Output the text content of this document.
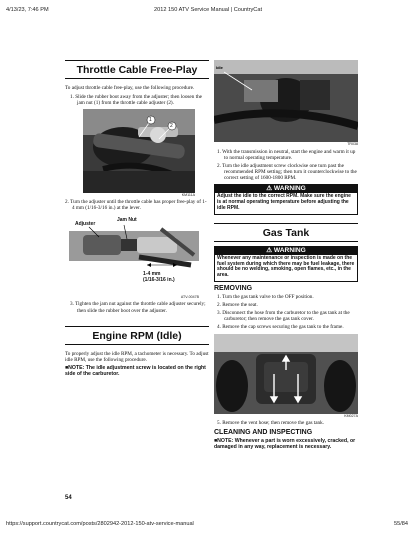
4/13/23, 7:46 PM	2012 150 ATV Service Manual | CountryCat
https://support.countrycat.com/posts/2802942-2012-150-atv-service-manual	55/84
Throttle Cable Free-Play

To adjust throttle cable free-play, use the following procedure.

1. Slide the rubber boot away from the adjuster; then loosen the jam nut (1) from the throttle cable adjuster (2).

1
2

KM111A

2. Turn the adjuster until the throttle cable has proper free-play of 1-4 mm (1/16-3/16 in.) at the lever.

Adjuster
Jam Nut
1-4 mm
(1/16-3/16 in.)

ATV-0047B

3. Tighten the jam nut against the throttle cable adjuster securely; then slide the rubber boot over the adjuster.

Engine RPM (Idle)

To properly adjust the idle RPM, a tachometer is necessary. To adjust idle RPM, use the following procedure.

■NOTE: The idle adjustment screw is located on the right side of the carburetor.

54
Idle

TR038

1. With the transmission in neutral, start the engine and warm it up to normal operating temperature.

2. Turn the idle adjustment screw clockwise one turn past the recommended RPM setting; then turn it counterclockwise to the correct setting of 1600-1800 RPM.

⚠ WARNING
Adjust the idle to the correct RPM. Make sure the engine is at normal operating temperature before adjusting the idle RPM.
Gas Tank
⚠ WARNING
Whenever any maintenance or inspection is made on the fuel system during which there may be fuel leakage, there should be no welding, smoking, open flames, etc., in the area.

REMOVING

1. Turn the gas tank valve to the OFF position.

2. Remove the seat.

3. Disconnect the hose from the carburetor to the gas tank at the carburetor; then remove the gas tank cover.

4. Remove the cap screws securing the gas tank to the frame.

KM027A

5. Remove the vent hose; then remove the gas tank.

CLEANING AND INSPECTING

■NOTE: Whenever a part is worn excessively, cracked, or damaged in any way, replacement is necessary.
